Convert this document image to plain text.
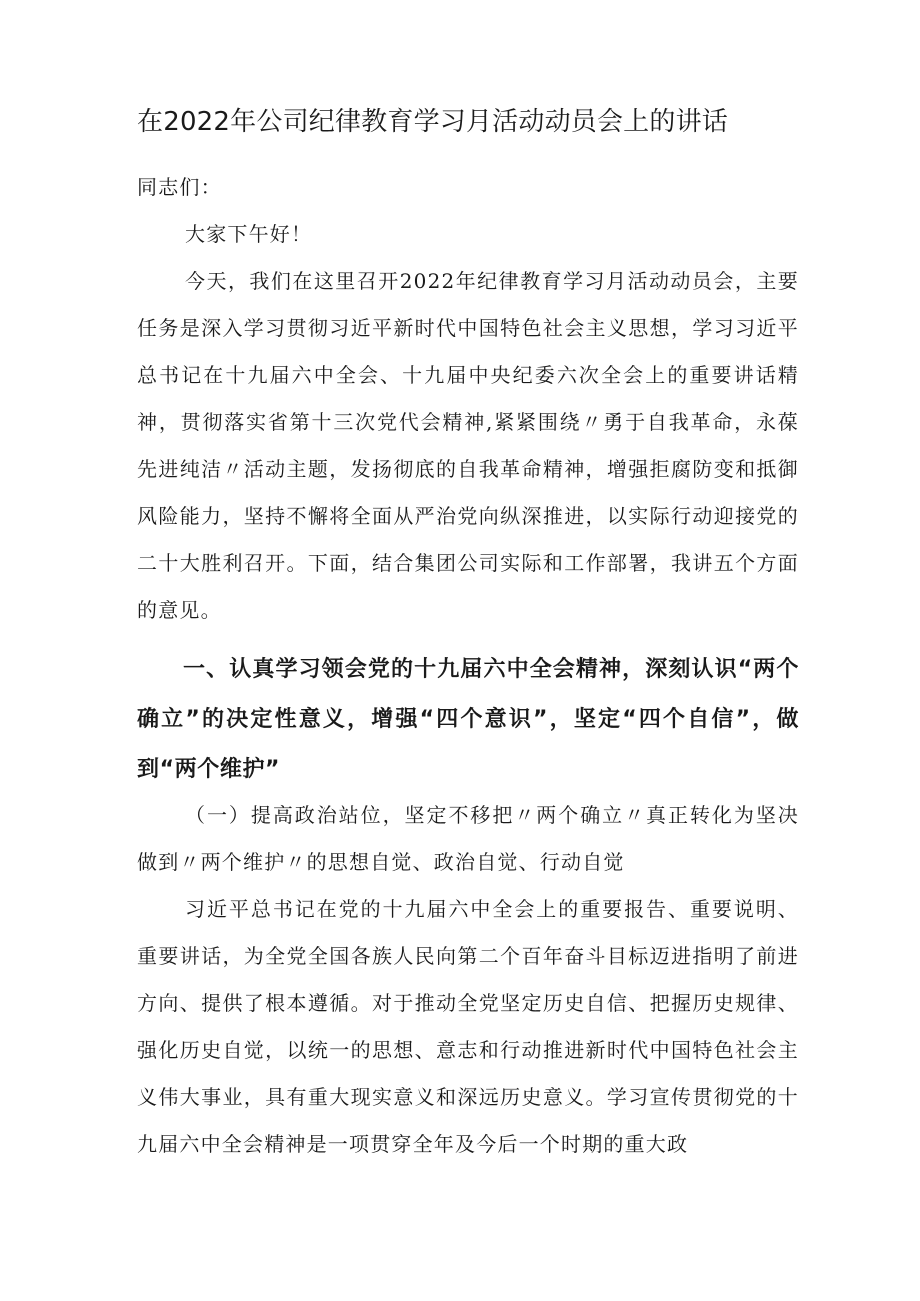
在2022年公司纪律教育学习月活动动员会上的讲话

同志们：

大家下午好！

今天，我们在这里召开2022年纪律教育学习月活动动员会，主要任务是深入学习贯彻习近平新时代中国特色社会主义思想，学习习近平总书记在十九届六中全会、十九届中央纪委六次全会上的重要讲话精神，贯彻落实省第十三次党代会精神,紧紧围绕〃勇于自我革命，永葆先进纯洁〃活动主题，发扬彻底的自我革命精神，增强拒腐防变和抵御风险能力，坚持不懈将全面从严治党向纵深推进，以实际行动迎接党的二十大胜利召开。下面，结合集团公司实际和工作部署，我讲五个方面的意见。

一、认真学习领会党的十九届六中全会精神，深刻认识“两个确立”的决定性意义，增强“四个意识”，坚定“四个自信”，做到“两个维护”

（一）提高政治站位，坚定不移把〃两个确立〃真正转化为坚决做到〃两个维护〃的思想自觉、政治自觉、行动自觉

习近平总书记在党的十九届六中全会上的重要报告、重要说明、重要讲话，为全党全国各族人民向第二个百年奋斗目标迈进指明了前进方向、提供了根本遵循。对于推动全党坚定历史自信、把握历史规律、强化历史自觉，以统一的思想、意志和行动推进新时代中国特色社会主义伟大事业，具有重大现实意义和深远历史意义。学习宣传贯彻党的十九届六中全会精神是一项贯穿全年及今后一个时期的重大政
